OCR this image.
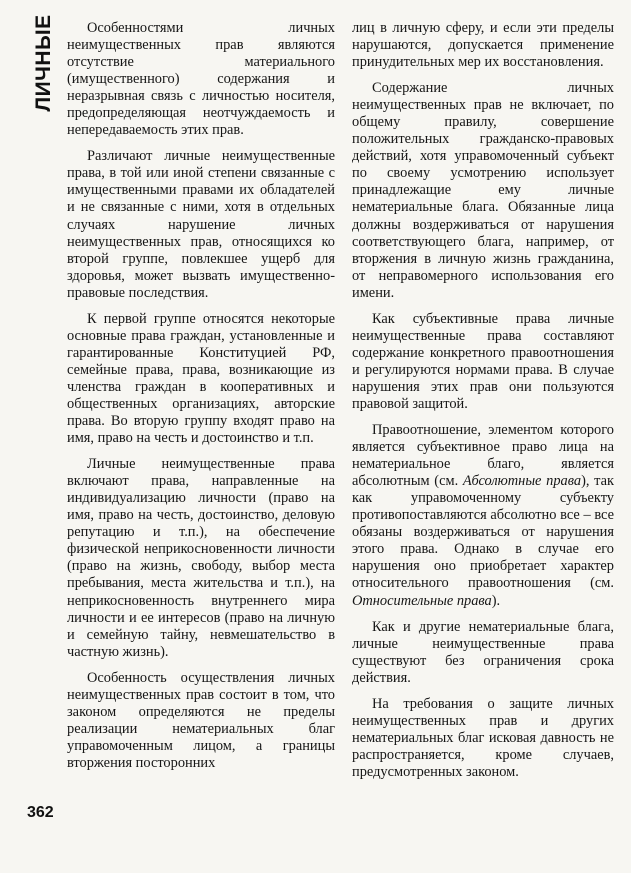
ЛИЧНЫЕ	Особенностями личных неимущественных прав являются отсутствие материального (имущественного) содержания и неразрывная связь с личностью носителя, предопределяющая неотчуждаемость и непередаваемость этих прав.

Различают личные неимущественные права, в той или иной степени связанные с имущественными правами их обладателей и не связанные с ними, хотя в отдельных случаях нарушение личных неимущественных прав, относящихся ко второй группе, повлекшее ущерб для здоровья, может вызвать имущественно-правовые последствия.

К первой группе относятся некоторые основные права граждан, установленные и гарантированные Конституцией РФ, семейные права, права, возникающие из членства граждан в кооперативных и общественных организациях, авторские права. Во вторую группу входят право на имя, право на честь и достоинство и т.п.

Личные неимущественные права включают права, направленные на индивидуализацию личности (право на имя, право на честь, достоинство, деловую репутацию и т.п.), на обеспечение физической неприкосновенности личности (право на жизнь, свободу, выбор места пребывания, места жительства и т.п.), на неприкосновенность внутреннего мира личности и ее интересов (право на личную и семейную тайну, невмешательство в частную жизнь).

Особенность осуществления личных неимущественных прав состоит в том, что законом определяются не пределы реализации нематериальных благ управомоченным лицом, а границы вторжения посторонних

лиц в личную сферу, и если эти пределы нарушаются, допускается применение принудительных мер их восстановления.

Содержание личных неимущественных прав не включает, по общему правилу, совершение положительных гражданско-правовых действий, хотя управомоченный субъект по своему усмотрению использует принадлежащие ему личные нематериальные блага. Обязанные лица должны воздерживаться от нарушения соответствующего блага, например, от вторжения в личную жизнь гражданина, от неправомерного использования его имени.

Как субъективные права личные неимущественные права составляют содержание конкретного правоотношения и регулируются нормами права. В случае нарушения этих прав они пользуются правовой защитой.

Правоотношение, элементом которого является субъективное право лица на нематериальное благо, является абсолютным (см. Абсолютные права), так как управомоченному субъекту противопоставляются абсолютно все – все обязаны воздерживаться от нарушения этого права. Однако в случае его нарушения оно приобретает характер относительного правоотношения (см. Относительные права).

Как и другие нематериальные блага, личные неимущественные права существуют без ограничения срока действия.

На требования о защите личных неимущественных прав и других нематериальных благ исковая давность не распространяется, кроме случаев, предусмотренных законом.

362
